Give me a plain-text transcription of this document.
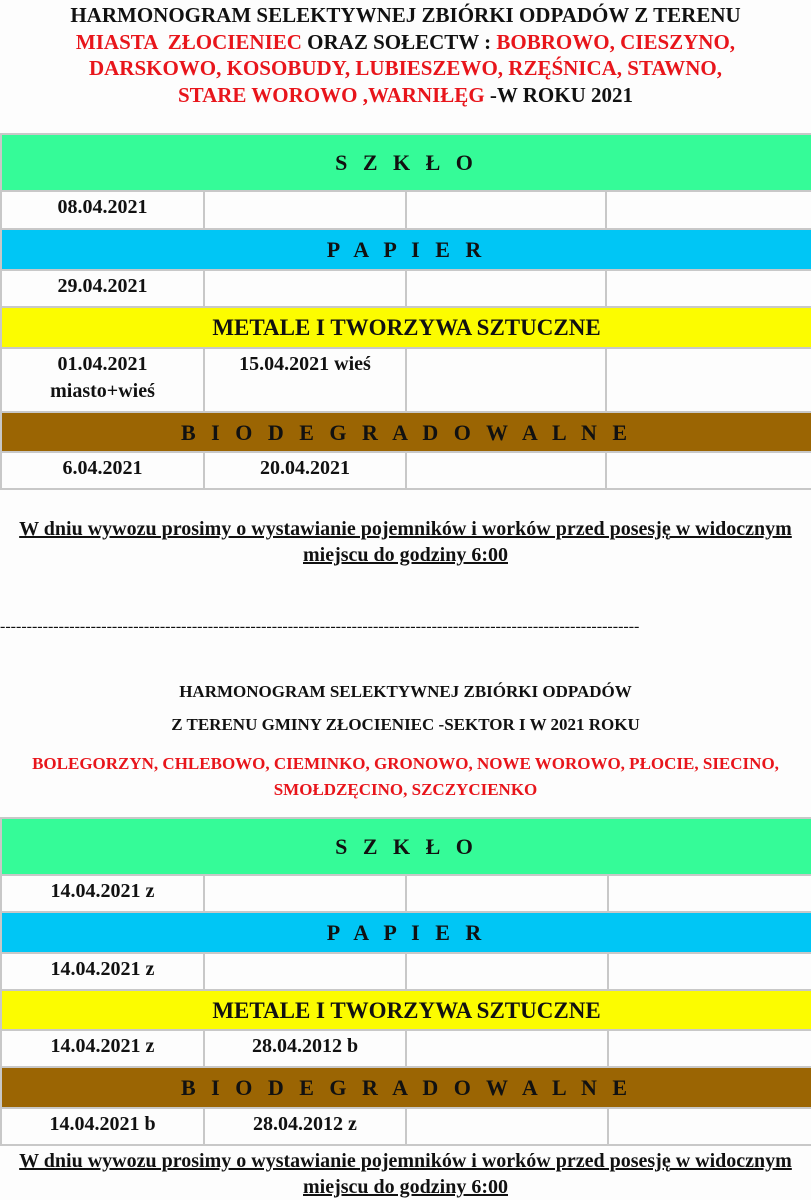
HARMONOGRAM SELEKTYWNEJ ZBIÓRKI ODPADÓW Z TERENU
MIASTA  ZŁOCIENIEC ORAZ SOŁECTW : BOBROWO, CIESZYNO,
DARSKOWO, KOSOBUDY, LUBIESZEWO, RZĘŚNICA, STAWNO,
STARE WOROWO ,WARNIŁĘG -W ROKU 2021
S Z K Ł O			
08.04.2021			
P A P I E R			
29.04.2021			
METALE I TWORZYWA SZTUCZNE			
01.04.2021
miasto+wieś	15.04.2021 wieś		
B I O D E G R A D O W A L N E			
6.04.2021	20.04.2021		
W dniu wywozu prosimy o wystawianie pojemników i worków przed posesję w widocznym miejscu do godziny 6:00
------------------------------------------------------------------------------------------------------------------------
HARMONOGRAM SELEKTYWNEJ ZBIÓRKI ODPADÓW
Z TERENU GMINY ZŁOCIENIEC -SEKTOR I W 2021 ROKU
BOLEGORZYN, CHLEBOWO, CIEMINKO, GRONOWO, NOWE WOROWO, PŁOCIE, SIECINO, SMOŁDZĘCINO, SZCZYCIENKO
S Z K Ł O			
14.04.2021 z			
P A P I E R			
14.04.2021 z			
METALE I TWORZYWA SZTUCZNE			
14.04.2021 z	28.04.2012 b		
B I O D E G R A D O W A L N E			
14.04.2021 b	28.04.2012 z		
W dniu wywozu prosimy o wystawianie pojemników i worków przed posesję w widocznym miejscu do godziny 6:00
